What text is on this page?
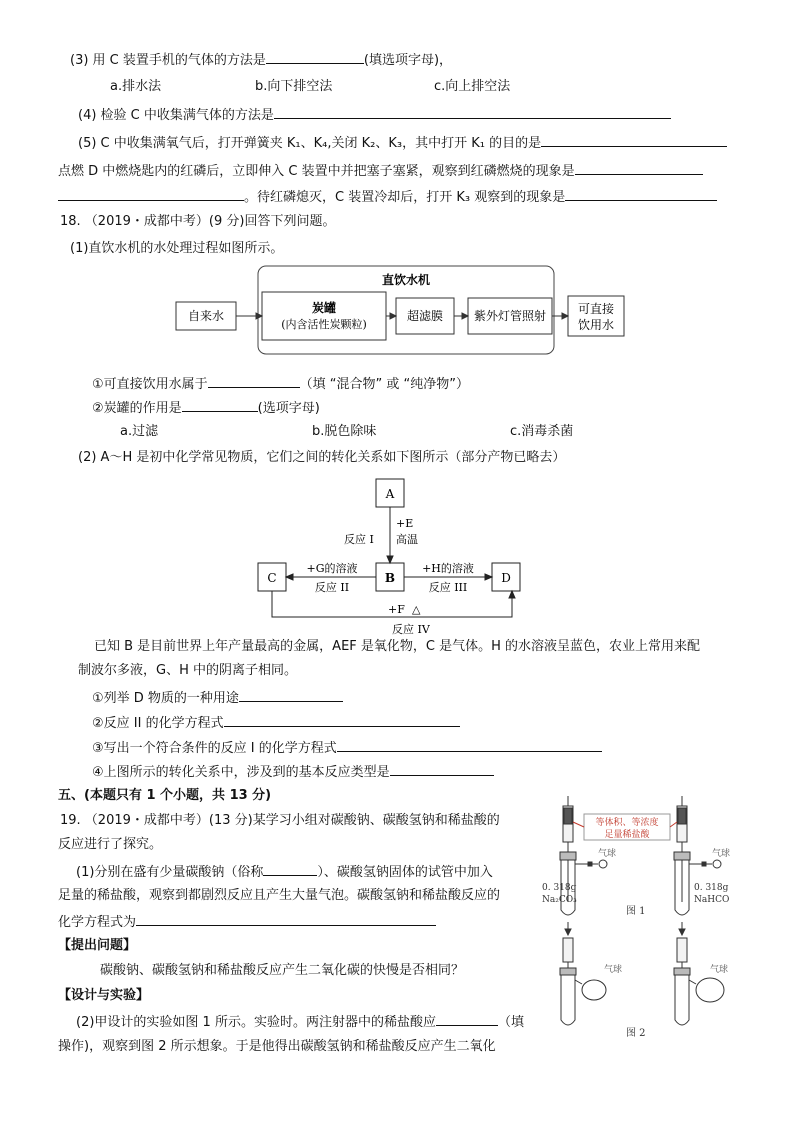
(3) 用 C 装置手机的气体的方法是	(填选项字母)，
a.排水法	b.向下排空法	c.向上排空法
(4) 检验 C 中收集满气体的方法是
(5) C 中收集满氧气后，打开弹簧夹 K₁、K₄,关闭 K₂、K₃，其中打开 K₁ 的目的是
点燃 D 中燃烧匙内的红磷后，立即伸入 C 装置中并把塞子塞紧，观察到红磷燃烧的现象是
。待红磷熄灭，C 装置冷却后，打开 K₃ 观察到的现象是
18. （2019・成都中考）(9 分)回答下列问题。
(1)直饮水机的水处理过程如图所示。
直饮水机
自来水
炭罐
(内含活性炭颗粒)
超滤膜	紫外灯管照射	可直接
饮用水
①可直接饮用水属于	（填 “混合物” 或 “纯净物”）
②炭罐的作用是	(选项字母)
a.过滤	b.脱色除味	c.消毒杀菌
(2) A～H 是初中化学常见物质，它们之间的转化关系如下图所示（部分产物已略去）
A
C	B	D
+E
高温
反应 I
+G的溶液
反应 II
+H的溶液
反应 III
+F △
反应 IV
已知 B 是目前世界上年产量最高的金属，AEF 是氧化物，C 是气体。H 的水溶液呈蓝色，农业上常用来配
制波尔多液，G、H 中的阴离子相同。
①列举 D 物质的一种用途
②反应 II 的化学方程式
③写出一个符合条件的反应 I 的化学方程式
④上图所示的转化关系中，涉及到的基本反应类型是
五、(本题只有 1 个小题，共 13 分)
19. （2019・成都中考）(13 分)某学习小组对碳酸钠、碳酸氢钠和稀盐酸的
反应进行了探究。
(1)分别在盛有少量碳酸钠（俗称	）、碳酸氢钠固体的试管中加入
足量的稀盐酸，观察到都剧烈反应且产生大量气泡。碳酸氢钠和稀盐酸反应的
化学方程式为
【提出问题】
碳酸钠、碳酸氢钠和稀盐酸反应产生二氧化碳的快慢是否相同？
【设计与实验】
(2)甲设计的实验如图 1 所示。实验时。两注射器中的稀盐酸应	（填
操作)，观察到图 2 所示想象。于是他得出碳酸氢钠和稀盐酸反应产生二氧化
等体积、等浓度
足量稀盐酸
气球	气球
0. 318g
Na₂CO₃
0. 318g
NaHCO
图 1
气球	气球
图 2
